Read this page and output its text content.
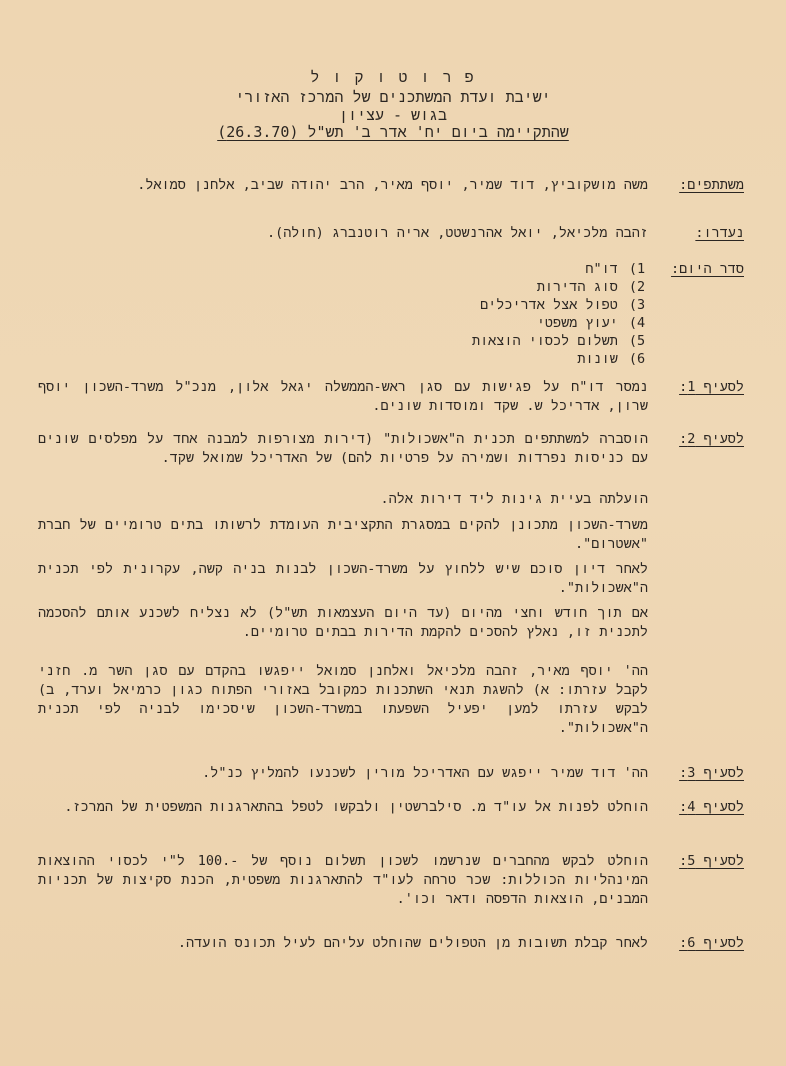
פ ר ו ט ו ק ו ל
ישיבת ועדת המשתכנים של המרכז האזורי
בגוש - עציון
שהתקיימה ביום יח' אדר ב' תש"ל (26.3.70)
משתתפים:
משה מושקוביץ, דוד שמיר, יוסף מאיר, הרב יהודה שביב, אלחנן סמואל.
נעדרו:
זהבה מלכיאל, יואל אהרנשטט, אריה רוטנברג (חולה).
סדר היום:
1) דו"ח
2) סוג הדירות
3) טפול אצל אדריכלים
4) יעוץ משפטי
5) תשלום לכסוי הוצאות
6) שונות
לסעיף 1:
נמסר דו"ח על פגישות עם סגן ראש-הממשלה יגאל אלון, מנכ"ל משרד-השכון יוסף שרון, אדריכל ש. שקד ומוסדות שונים.
לסעיף 2:
הוסברה למשתתפים תכנית ה"אשכולות" (דירות מצורפות למבנה אחד על מפלסים שונים עם כניסות נפרדות ושמירה על פרטיות להם) של האדריכל שמואל שקד.
הועלתה בעיית גינות ליד דירות אלה.
משרד-השכון מתכונן להקים במסגרת התקציבית העומדת לרשותו בתים טרומיים של חברת "אשטרום".
לאחר דיון סוכם שיש ללחוץ על משרד-השכון לבנות בניה קשה, עקרונית לפי תכנית ה"אשכולות".
אם תוך חודש וחצי מהיום (עד היום העצמאות תש"ל) לא נצליח לשכנע אותם להסכמה לתכנית זו, נאלץ להסכים להקמת הדירות בבתים טרומיים.
הה' יוסף מאיר, זהבה מלכיאל ואלחנן סמואל ייפגשו בהקדם עם סגן השר מ. חזני לקבל עזרתו: א) להשגת תנאי השתכנות כמקובל באזורי הפתוח כגון כרמיאל וערד, ב) לבקש עזרתו למען יפעיל השפעתו במשרד-השכון שיסכימו לבניה לפי תכנית ה"אשכולות".
לסעיף 3:
הה' דוד שמיר ייפגש עם האדריכל מורין לשכנעו להמליץ כנ"ל.
לסעיף 4:
הוחלט לפנות אל עו"ד מ. סילברשטין ולבקשו לטפל בהתארגנות המשפטית של המרכז.
לסעיף 5:
הוחלט לבקש מהחברים שנרשמו לשכון תשלום נוסף של -.100 ל"י לכסוי ההוצאות המינהליות הכוללות: שכר טרחה לעו"ד להתארגנות משפטית, הכנת סקיצות של תכניות המבנים, הוצאות הדפסה ודאר וכו'.
לסעיף 6:
לאחר קבלת תשובות מן הטפולים שהוחלט עליהם לעיל תכונס הועדה.
